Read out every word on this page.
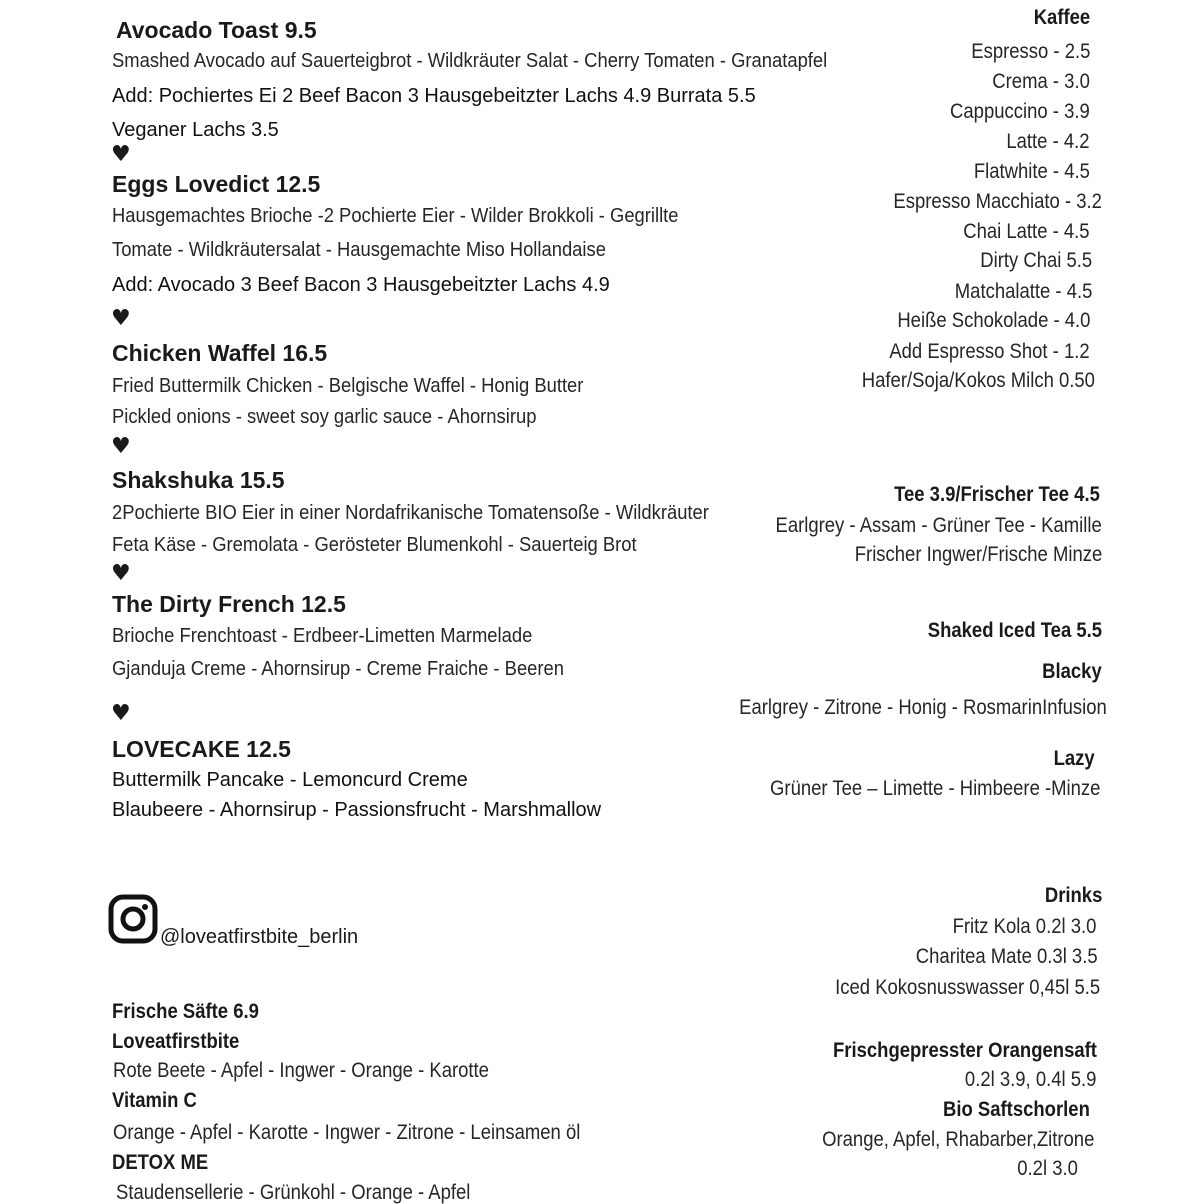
Avocado Toast 9.5
Smashed Avocado auf Sauerteigbrot - Wildkräuter Salat - Cherry Tomaten - Granatapfel
Add: Pochiertes Ei 2 Beef Bacon 3 Hausgebeitzter Lachs 4.9 Burrata 5.5
Veganer Lachs 3.5
♥
Eggs Lovedict 12.5
Hausgemachtes Brioche -2 Pochierte Eier - Wilder Brokkoli - Gegrillte
Tomate - Wildkräutersalat - Hausgemachte Miso Hollandaise
Add: Avocado 3 Beef Bacon 3 Hausgebeitzter Lachs 4.9
♥
Chicken Waffel 16.5
Fried Buttermilk Chicken - Belgische Waffel - Honig Butter
Pickled onions - sweet soy garlic sauce - Ahornsirup
♥
Shakshuka 15.5
2Pochierte BIO Eier in einer Nordafrikanische Tomatensoße - Wildkräuter
Feta Käse - Gremolata - Gerösteter Blumenkohl - Sauerteig Brot
♥
The Dirty French 12.5
Brioche Frenchtoast - Erdbeer-Limetten Marmelade
Gjanduja Creme - Ahornsirup - Creme Fraiche - Beeren
♥
LOVECAKE 12.5
Buttermilk Pancake - Lemoncurd Creme
Blaubeere - Ahornsirup - Passionsfrucht - Marshmallow
Kaffee
Espresso - 2.5
Crema - 3.0
Cappuccino - 3.9
Latte - 4.2
Flatwhite - 4.5
Espresso Macchiato - 3.2
Chai Latte - 4.5
Dirty Chai 5.5
Matchalatte - 4.5
Heiße Schokolade - 4.0
Add Espresso Shot - 1.2
Hafer/Soja/Kokos Milch 0.50
Tee 3.9/Frischer Tee 4.5
Earlgrey - Assam - Grüner Tee - Kamille
Frischer Ingwer/Frische Minze
Shaked Iced Tea 5.5
Blacky
Earlgrey - Zitrone - Honig - RosmarinInfusion
Lazy
Grüner Tee – Limette - Himbeere -Minze
@loveatfirstbite_berlin
Drinks
Fritz Kola 0.2l 3.0
Charitea Mate 0.3l 3.5
Iced Kokosnusswasser 0,45l 5.5
Frischgepresster Orangensaft
0.2l 3.9, 0.4l 5.9
Bio Saftschorlen
Orange, Apfel, Rhabarber,Zitrone
0.2l 3.0
Frische Säfte 6.9
Loveatfirstbite
Rote Beete - Apfel - Ingwer - Orange - Karotte
Vitamin C
Orange - Apfel - Karotte - Ingwer - Zitrone - Leinsamen öl
DETOX ME
Staudensellerie - Grünkohl - Orange - Apfel
